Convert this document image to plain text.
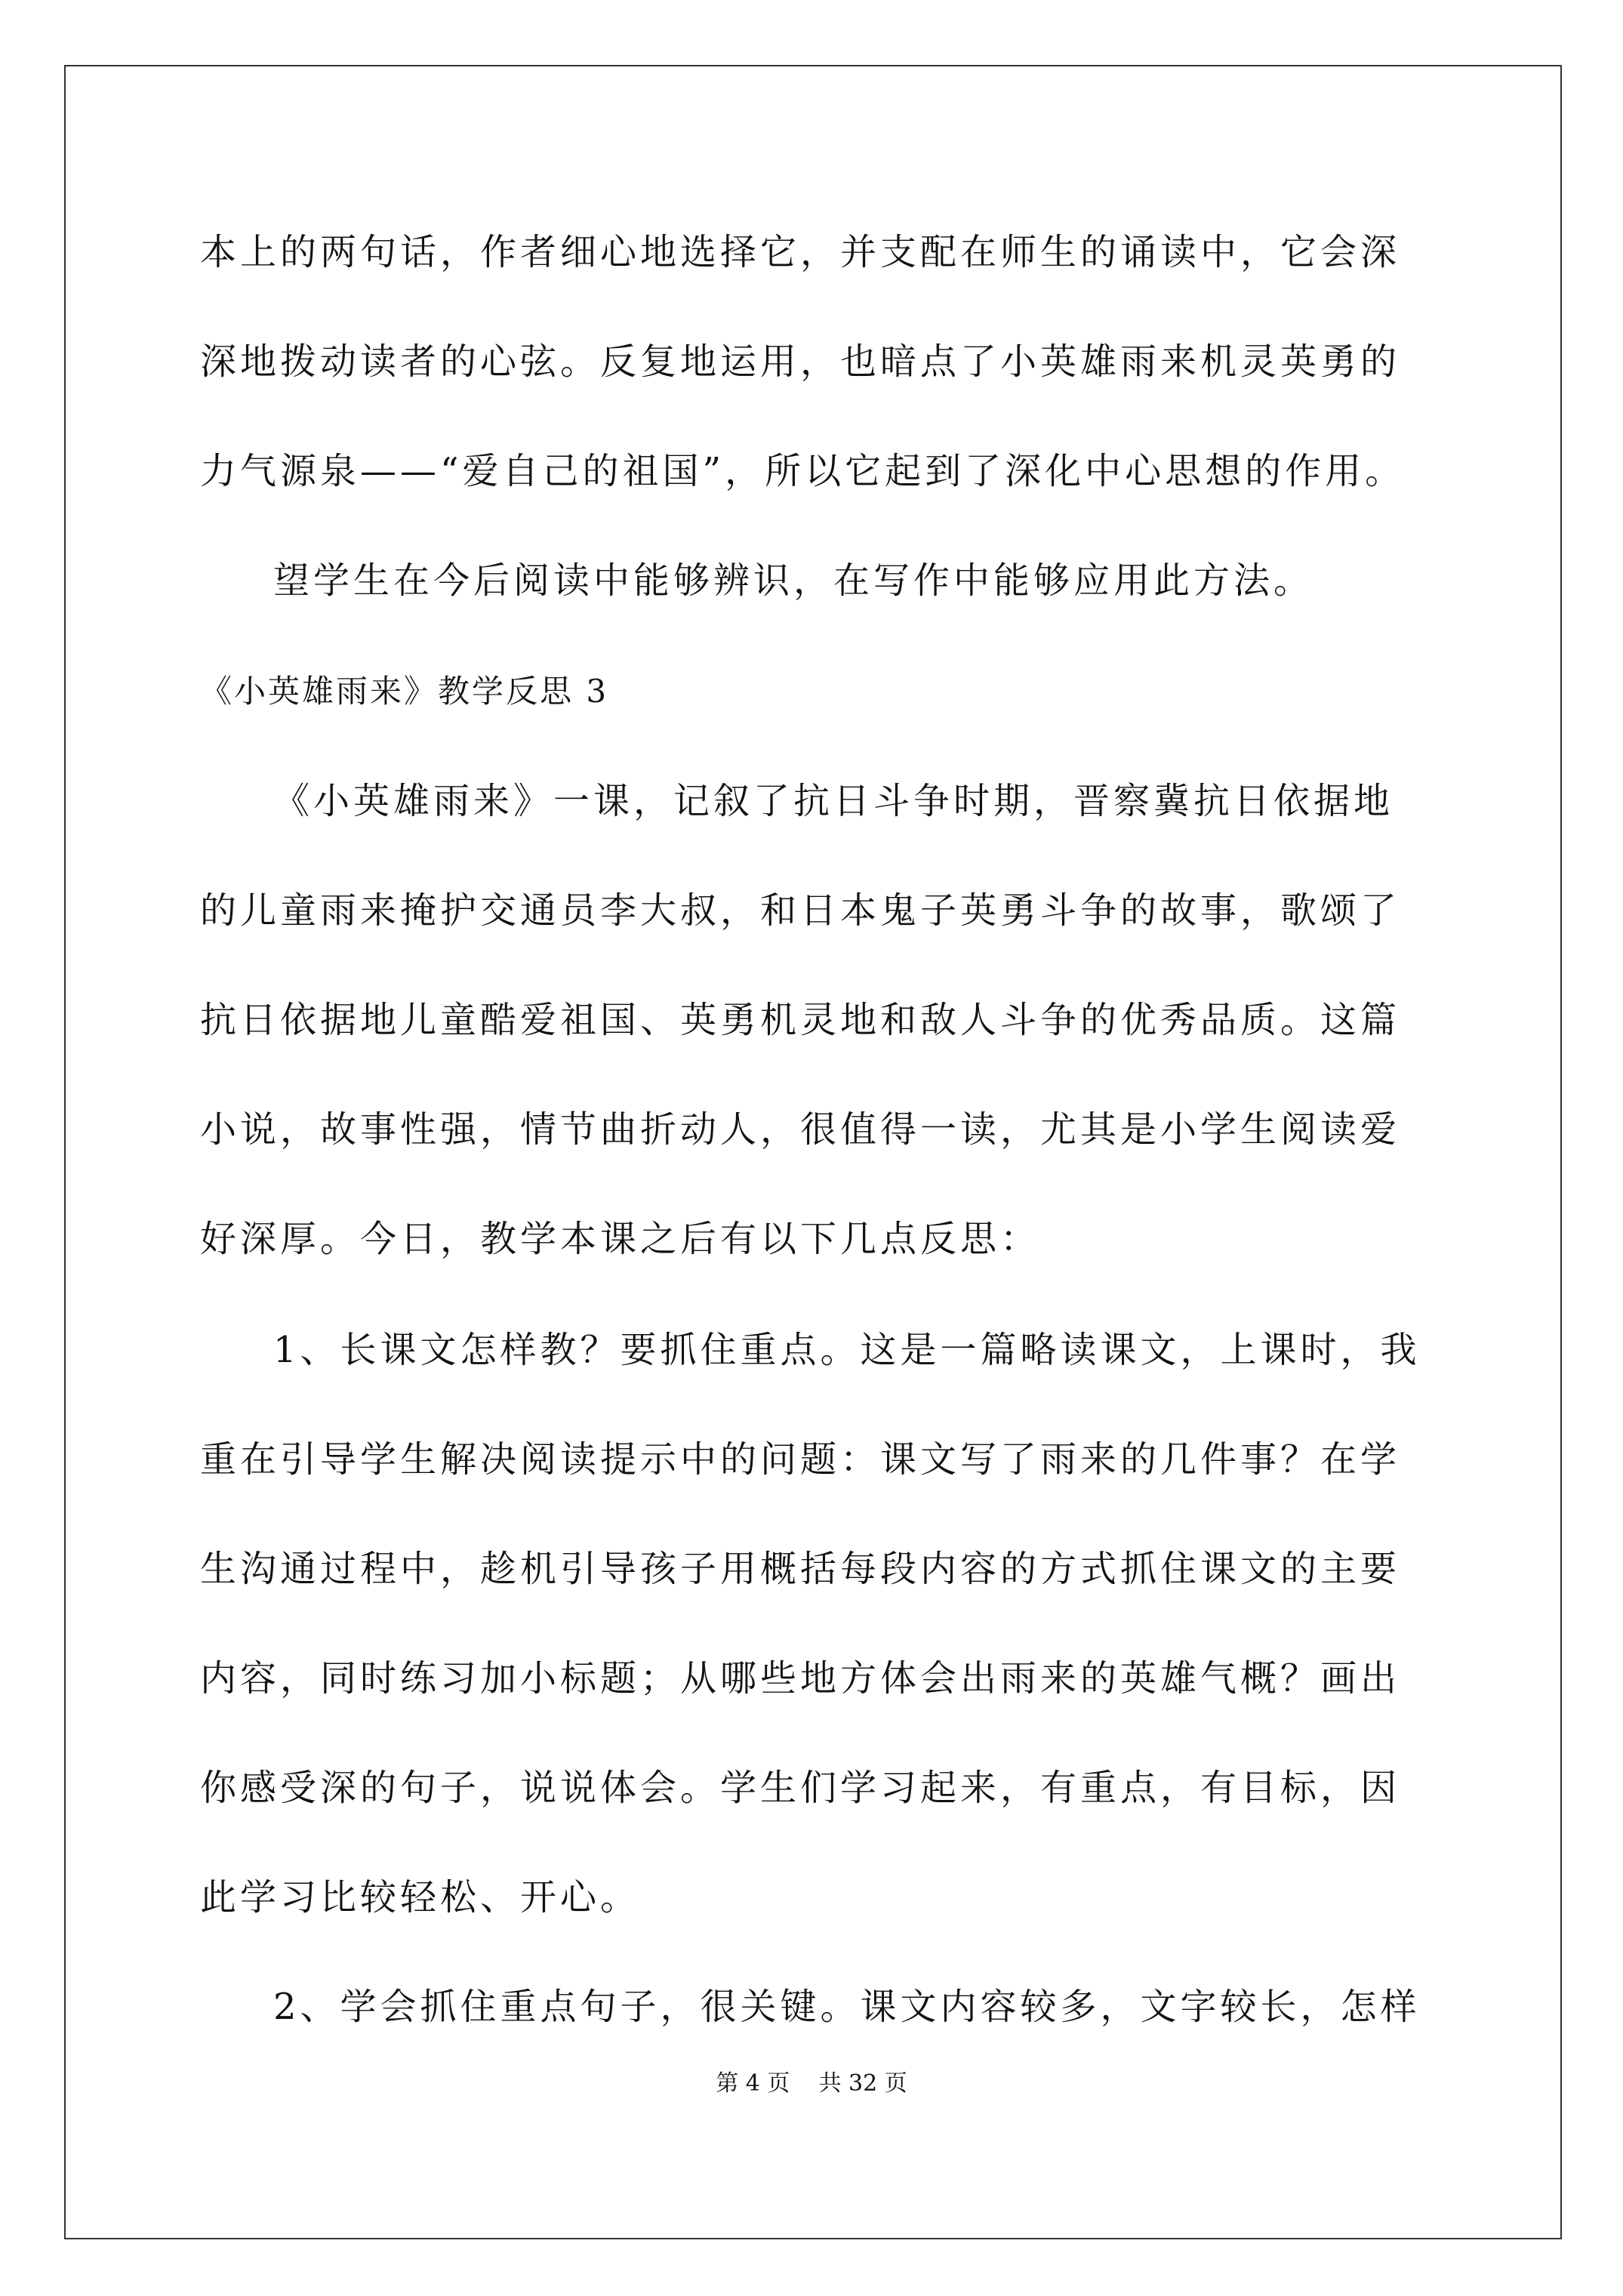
本上的两句话，作者细心地选择它，并支配在师生的诵读中，它会深
深地拨动读者的心弦。反复地运用，也暗点了小英雄雨来机灵英勇的
力气源泉——“爱自己的祖国”，所以它起到了深化中心思想的作用。
望学生在今后阅读中能够辨识，在写作中能够应用此方法。
《小英雄雨来》教学反思 3
《小英雄雨来》一课，记叙了抗日斗争时期，晋察冀抗日依据地
的儿童雨来掩护交通员李大叔，和日本鬼子英勇斗争的故事，歌颂了
抗日依据地儿童酷爱祖国、英勇机灵地和敌人斗争的优秀品质。这篇
小说，故事性强，情节曲折动人，很值得一读，尤其是小学生阅读爱
好深厚。今日，教学本课之后有以下几点反思：
1、长课文怎样教？要抓住重点。这是一篇略读课文，上课时，我
重在引导学生解决阅读提示中的问题：课文写了雨来的几件事？在学
生沟通过程中，趁机引导孩子用概括每段内容的方式抓住课文的主要
内容，同时练习加小标题；从哪些地方体会出雨来的英雄气概？画出
你感受深的句子，说说体会。学生们学习起来，有重点，有目标，因
此学习比较轻松、开心。
2、学会抓住重点句子，很关键。课文内容较多，文字较长，怎样
第 4 页    共 32 页
